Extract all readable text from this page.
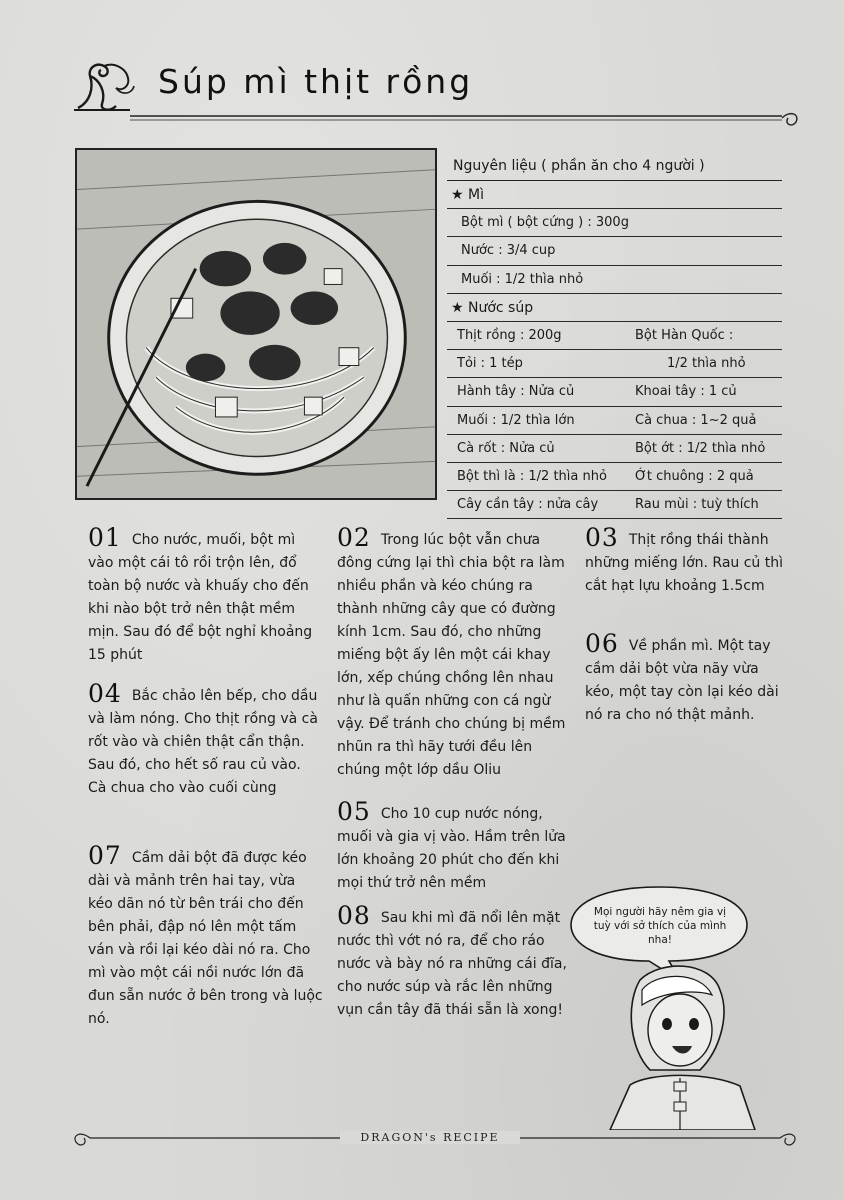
Súp mì thịt rồng
Nguyên liệu ( phần ăn cho 4 người )
★ Mì
Bột mì ( bột cứng ) : 300g
Nước : 3/4 cup
Muối : 1/2 thìa nhỏ
★ Nước súp
Thịt rồng : 200g	Bột Hàn Quốc :
Tỏi : 1 tép	1/2 thìa nhỏ
Hành tây : Nửa củ	Khoai tây : 1 củ
Muối : 1/2 thìa lớn	Cà chua : 1~2 quả
Cà rốt : Nửa củ	Bột ớt : 1/2 thìa nhỏ
Bột thì là : 1/2 thìa nhỏ Ớt chuông : 2 quả
Cây cần tây : nửa cây	Rau mùi : tuỳ thích
01 Cho nước, muối, bột mì vào một cái tô rồi trộn lên, đổ toàn bộ nước và khuấy cho đến khi nào bột trở nên thật mềm mịn. Sau đó để bột nghỉ khoảng 15 phút
04 Bắc chảo lên bếp, cho dầu và làm nóng. Cho thịt rồng và cà rốt vào và chiên thật cẩn thận. Sau đó, cho hết số rau củ vào. Cà chua cho vào cuối cùng
07 Cầm dải bột đã được kéo dài và mảnh trên hai tay, vừa kéo dãn nó từ bên trái cho đến bên phải, đập nó lên một tấm ván và rồi lại kéo dài nó ra. Cho mì vào một cái nồi nước lớn đã đun sẵn nước ở bên trong và luộc nó.
02 Trong lúc bột vẫn chưa đông cứng lại thì chia bột ra làm nhiều phần và kéo chúng ra thành những cây que có đường kính 1cm. Sau đó, cho những miếng bột ấy lên một cái khay lớn, xếp chúng chồng lên nhau như là quấn những con cá ngừ vậy. Để tránh cho chúng bị mềm nhũn ra thì hãy tưới đều lên chúng một lớp dầu Oliu
05 Cho 10 cup nước nóng, muối và gia vị vào. Hầm trên lửa lớn khoảng 20 phút cho đến khi mọi thứ trở nên mềm
08 Sau khi mì đã nổi lên mặt nước thì vớt nó ra, để cho ráo nước và bày nó ra những cái đĩa, cho nước súp và rắc lên những vụn cần tây đã thái sẵn là xong!
03 Thịt rồng thái thành những miếng lớn. Rau củ thì cắt hạt lựu khoảng 1.5cm
06 Về phần mì. Một tay cầm dải bột vừa nãy vừa kéo, một tay còn lại kéo dài nó ra cho nó thật mảnh.
Mọi người hãy nêm gia vị tuỳ với sở thích của mình nha!
DRAGON's RECIPE
